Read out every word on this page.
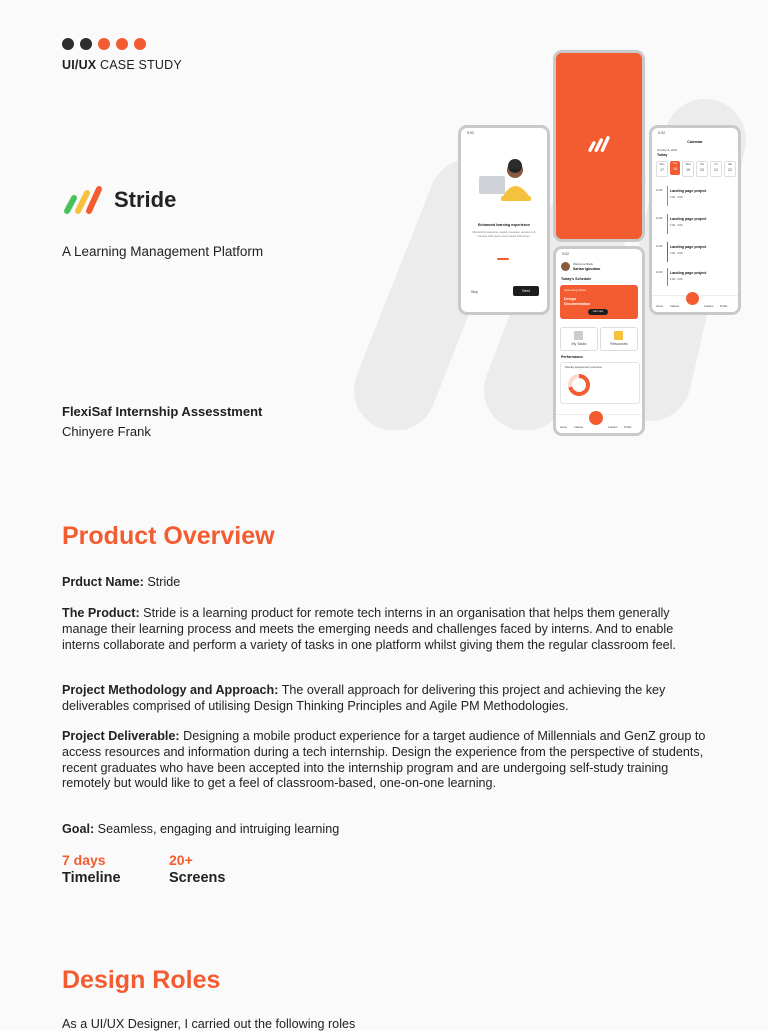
UI/UX CASE STUDY
Stride
A Learning Management Platform
FlexiSaf Internship Assesstment
Chinyere Frank
9:02
Enhanced learning experience
Mentorship sessions, weekly meetups, access to & connect with peers and contact instructors.
Skip	Next
9:02
Welcome Back
Sarian Igbodaro
Today's Schedule
Upcoming Class
Design Documentation
Join now
My Tasks	Resources
Performance
Weekly assessment overview
Home	Classes	Leaders	Profile
9:02
Calendar
October 8, 2022
Today
Mon
17
Tue
18
Wed
19
Thu
20
Fri
21
Sat
22
11:00 Landing page project
1:00 - 2:00
11:00 Landing page project
1:00 - 2:00
11:00 Landing page project
1:00 - 2:00
11:00 Landing page project
1:00 - 2:00
Home	Classes	Leaders	Profile
Product Overview
Prduct Name: Stride
The Product: Stride is a learning product for remote tech interns in an organisation that helps them generally manage their learning process and meets the emerging needs and challenges faced by interns. And to enable interns collaborate and perform a variety of tasks in one platform whilst giving them the regular classroom feel.
Project Methodology and Approach: The overall approach for delivering this project and achieving the key deliverables comprised of utilising Design Thinking Principles and Agile PM Methodologies.
Project Deliverable: Designing a mobile product experience for a target audience of Millennials and GenZ group to access resources and information during a tech internship. Design the experience from the perspective of students, recent graduates who have been accepted into the internship program and are undergoing self-study training remotely but would like to get a feel of classroom-based, one-on-one learning.
Goal: Seamless, engaging and intruiging learning
7 days
Timeline
20+
Screens
Design Roles
As a UI/UX Designer, I carried out the following roles
